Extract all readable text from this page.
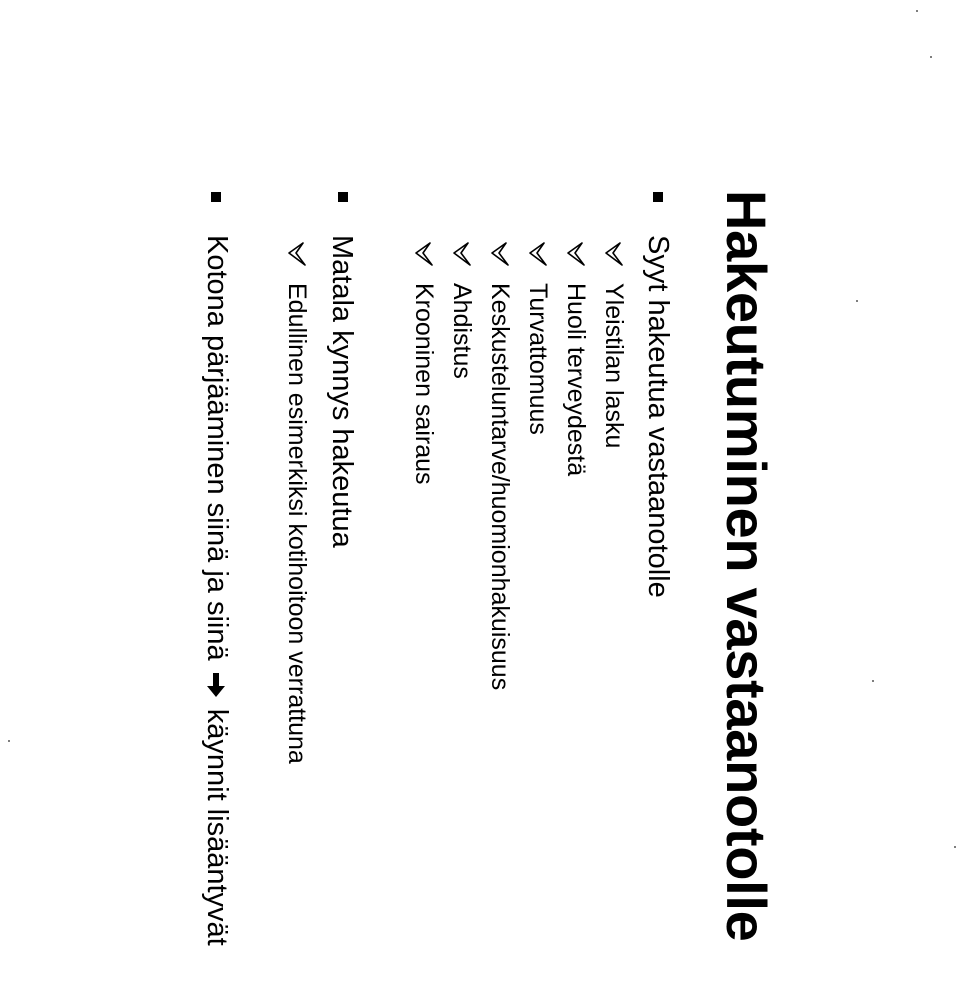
Hakeutuminen vastaanotolle
Syyt hakeutua vastaanotolle
Yleistilan lasku
Huoli terveydestä
Turvattomuus
Keskusteluntarve/huomionhakuisuus
Ahdistus
Krooninen sairaus
Matala kynnys hakeutua
Edullinen esimerkiksi kotihoitoon verrattuna
Kotona pärjääminen siinä ja siinä  käynnit lisääntyvät
